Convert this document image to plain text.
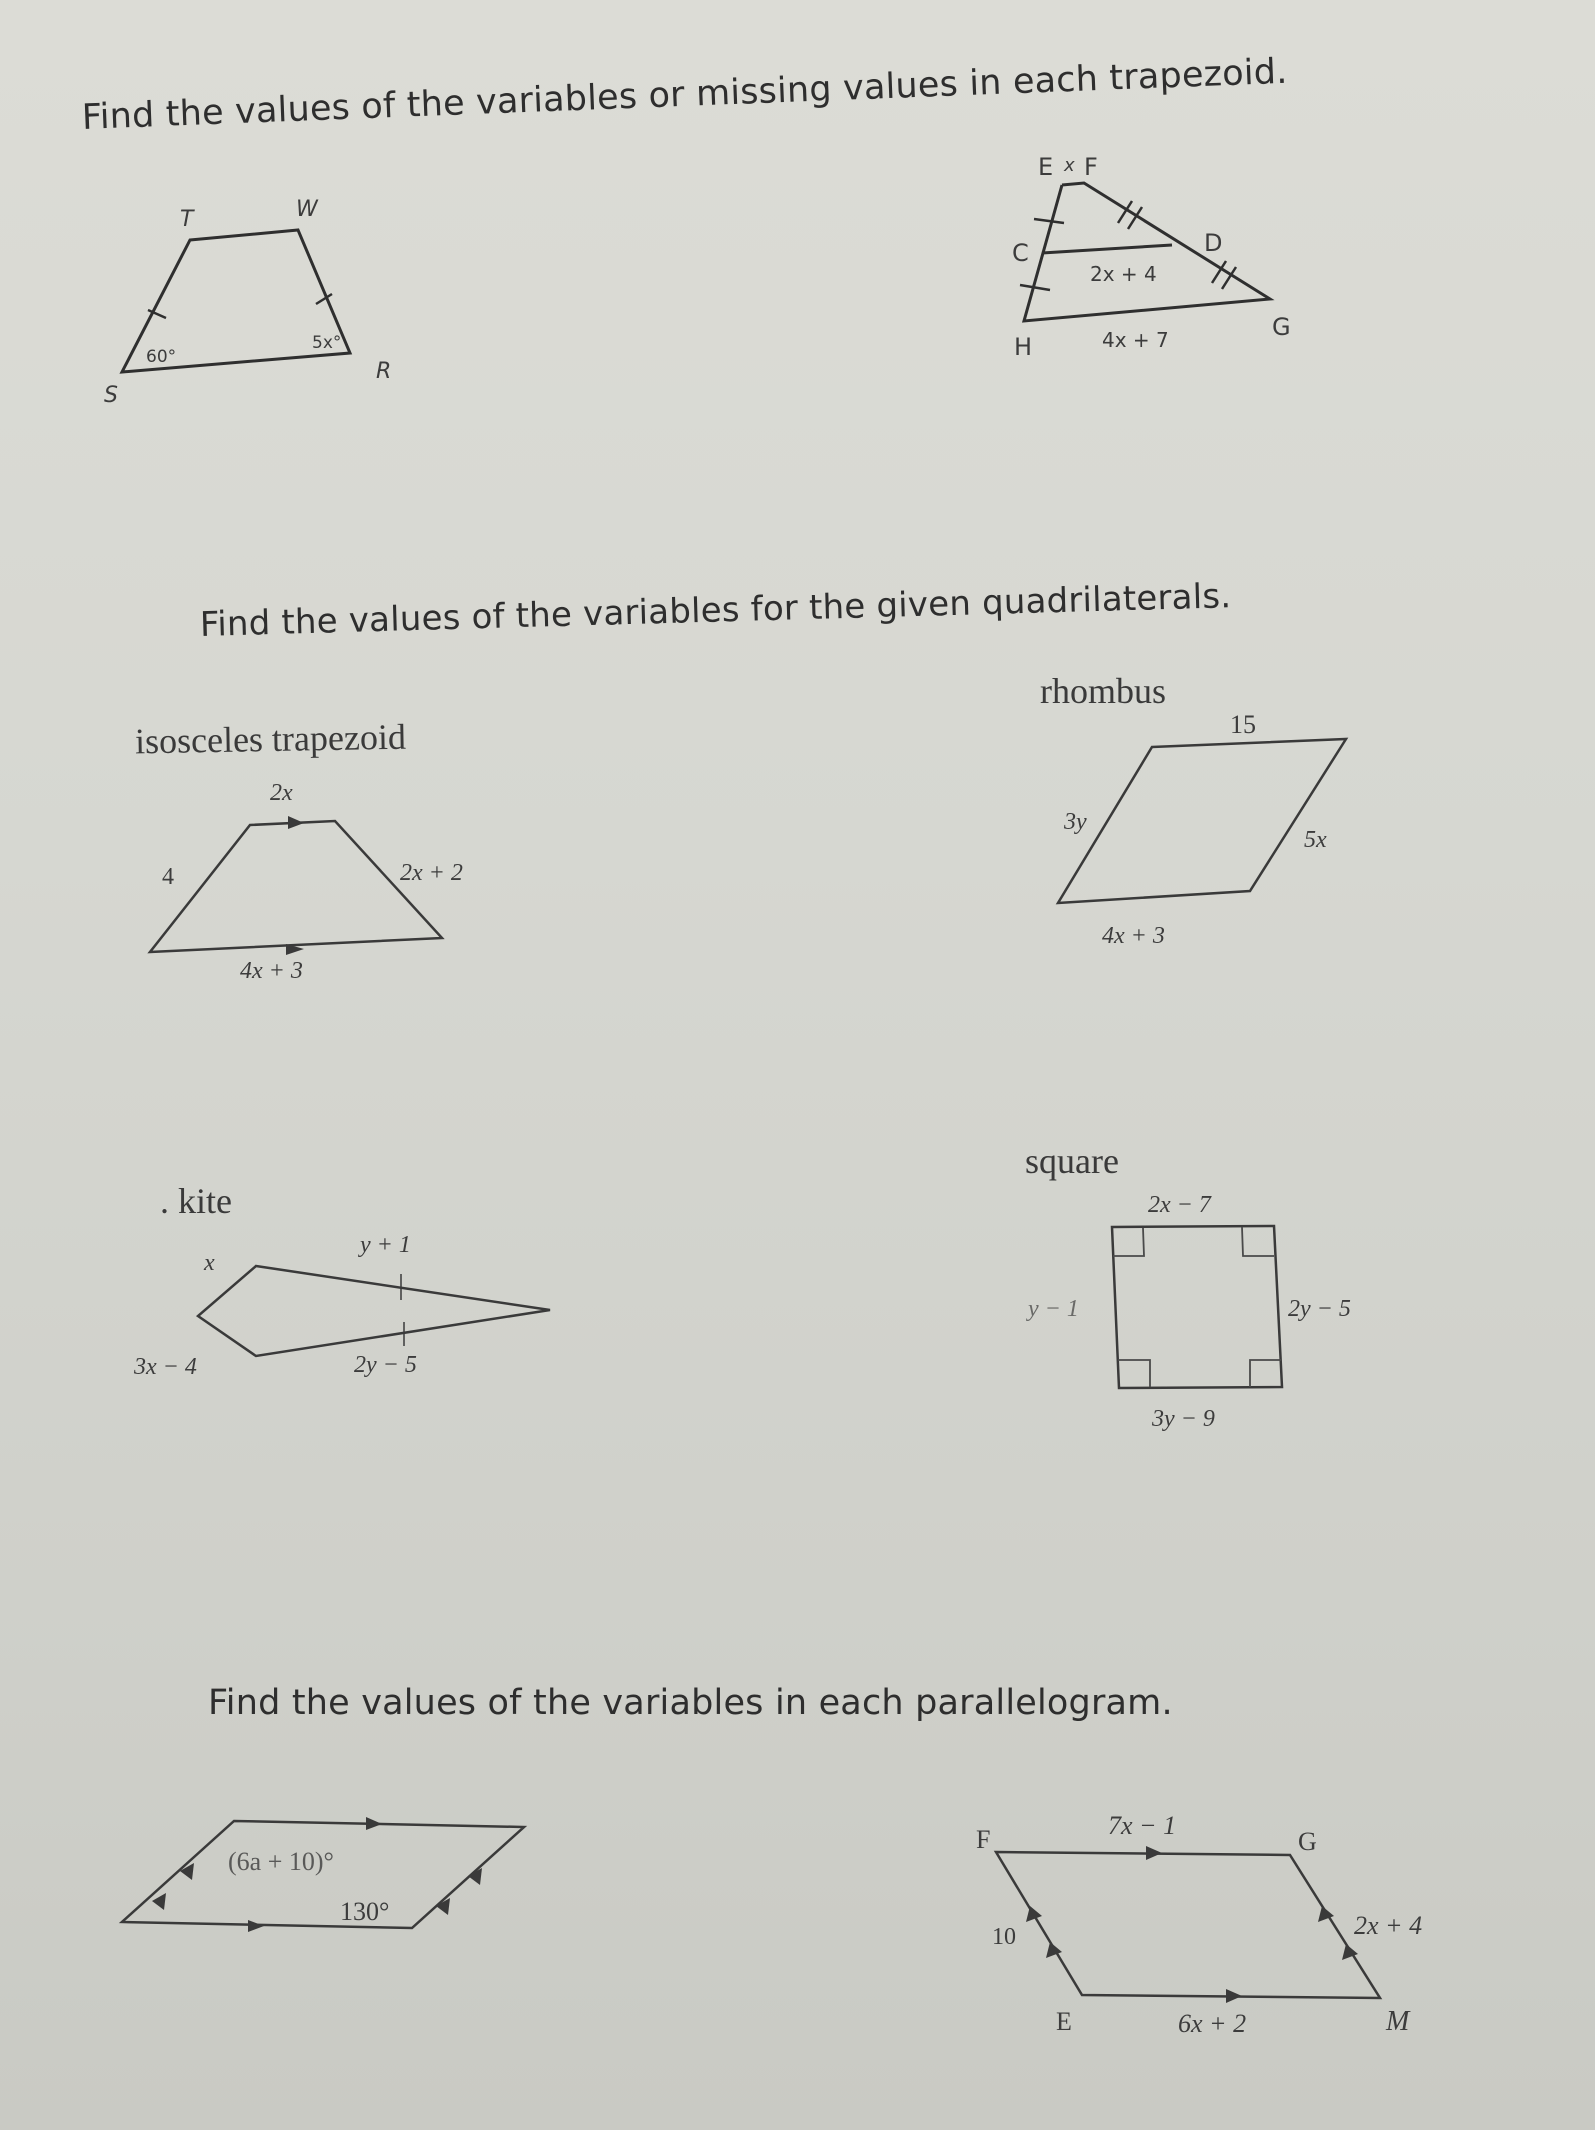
Find the values of the variables or missing values in each trapezoid.
T	W
S
R
60°
5x°
E x F
C	D
2x + 4
H	4x + 7	G
Find the values of the variables for the given quadrilaterals.
isosceles trapezoid
2x
4	2x + 2
4x + 3
rhombus
15
3y
5x
4x + 3
. kite
x
y + 1
3x − 4	2y − 5
square
2x − 7
y − 1	2y − 5
3y − 9
Find the values of the variables in each parallelogram.
(6a + 10)°
130°
F	7x − 1
G
10	2x + 4
E	6x + 2	M
